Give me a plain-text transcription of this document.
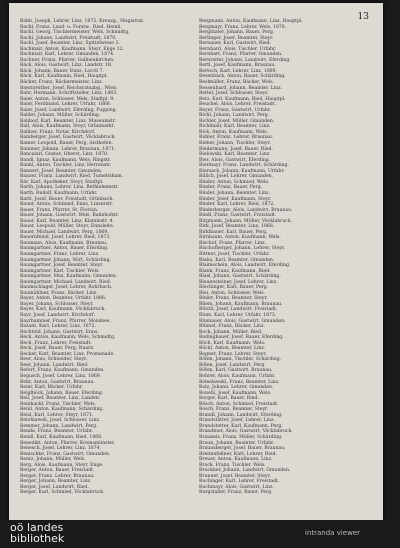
13

Babb, Joseph, Lehrer, Linz, 1872, Kreuzg., Magistrat.

Bachl, Franz, Land- u. Forstw., Ried, Heiml.

Bachl, Georg, Tischlermeister, Wels, Schmidtg.

Bachl, Johann, Landwirt, Freistadt, 1870.

Bachl, Josef, Beamter, Linz, Spittelwiese 3.

Bachmair, Anton, Kaufmann, Steyr, Enge 12.

Bachmair, Karl, Lehrer, Gmunden, 1874.

Bachner, Franz, Pfarrer, Gallneukirchen.

Bäck, Alois, Gastwirt, Linz, Landstr. 18.

Bäck, Johann, Bauer, Enns, Lorch 7.

Bäck, Karl, Kaufmann, Ried, Hauptpl.

Bäcker, Franz, Bäckermeister, Linz.

Baernreither, Josef, Reichsratsabg., Wien.

Bahr, Hermann, Schriftsteller, Linz, 1863.

Baier, Anton, Schlosser, Wels, Stadtpl. 9.

Baier, Ferdinand, Lehrer, Urfahr, 1868.

Baier, Josef, Landwirt, Eferding, Pupping.

Balder, Johann, Müller, Schärding.

Baldauf, Karl, Beamter, Linz, Museumstr.

Ball, Alois, Kaufmann, Steyr, Grünmarkt.

Ballner, Franz, Notar, Kirchdorf.

Bamberger, Josef, Gastwirt, Vöcklabruck.

Bamer, Leopold, Bauer, Perg, Aisthofen.

Bammer, Johann, Lehrer, Braunau, 1871.

Bancalari, Gustav, Oberst, Linz, 1870.

Bandl, Ignaz, Kaufmann, Wels, Ringstr.

Bankl, Anton, Tischler, Linz, Herrenstr.

Bannert, Josef, Beamter, Gmunden.

Banzer, Franz, Landwirt, Ried, Tumeltsham.

Bär, Karl, Apotheker, Steyr, Stadtpl.

Barth, Johann, Lehrer, Linz, Bethlehemstr.

Barth, Rudolf, Kaufmann, Urfahr.

Bartl, Josef, Bauer, Freistadt, Grünbach.

Bauer, Anton, Schmied, Enns, Linzerstr.

Bauer, Franz, Pfarrer, St. Florian.

Bauer, Johann, Gastwirt, Wels, Bahnhofstr.

Bauer, Karl, Beamter, Linz, Klammstr. 4.

Bauer, Leopold, Müller, Steyr, Ennsleite.

Bauer, Michael, Landwirt, Perg, 1869.

Bauernfeind, Josef, Lehrer, Ried, 1873.

Baumann, Alois, Kaufmann, Braunau.

Baumgartner, Anton, Bauer, Eferding.

Baumgartner, Franz, Lehrer, Linz.

Baumgartner, Johann, Wirt, Schärding.

Baumgartner, Josef, Beamter, Steyr.

Baumgartner, Karl, Tischler, Wels.

Baumgartner, Max, Kaufmann, Gmunden.

Baumgartner, Michael, Landwirt, Ried.

Baumschlager, Josef, Lehrer, Rohrbach.

Baumühlner, Franz, Bäcker, Linz.

Bayer, Anton, Beamter, Urfahr, 1866.

Bayer, Johann, Schlosser, Steyr.

Bayer, Karl, Kaufmann, Vöcklabruck.

Bayr, Josef, Landwirt, Kirchdorf.

Bayrhammer, Franz, Pfarrer, Mondsee.

Bazant, Karl, Lehrer, Linz, 1872.

Bechtold, Johann, Gastwirt, Enns.

Beck, Anton, Kaufmann, Wels, Schmidtg.

Beck, Franz, Lehrer, Freistadt.

Beck, Josef, Bauer, Perg, Naarn.

Becker, Karl, Beamter, Linz, Promenade.

Beer, Alois, Schneider, Steyr.

Beer, Johann, Landwirt, Ried.

Befort, Franz, Kaufmann, Gmunden.

Begusch, Josef, Lehrer, Linz, 1869.

Behr, Anton, Gastwirt, Braunau.

Beier, Karl, Bäcker, Urfahr.

Beiglböck, Johann, Bauer, Eferding.

Beil, Josef, Beamter, Linz, Landstr.

Beinhackl, Franz, Tischler, Wels.

Beinl, Anton, Kaufmann, Schärding.

Beisl, Karl, Lehrer, Steyr, 1871.

Belohlawek, Josef, Schlosser, Linz.

Bemmer, Johann, Landwirt, Perg.

Benda, Franz, Beamter, Urfahr.

Bendl, Karl, Kaufmann, Ried, 1868.

Benedikt, Anton, Pfarrer, Kremsmünster.

Benesch, Josef, Lehrer, Linz, 1874.

Benischke, Franz, Gastwirt, Gmunden.

Bentz, Johann, Müller, Wels.

Berg, Alois, Kaufmann, Steyr, Enge.

Berger, Anton, Bauer, Freistadt.

Berger, Franz, Lehrer, Braunau.

Berger, Johann, Beamter, Linz.

Berger, Josef, Landwirt, Ried.

Berger, Karl, Schmied, Vöcklabruck.

Bergmann, Anton, Kaufmann, Linz, Hauptpl.

Bergmayr, Franz, Lehrer, Wels, 1870.

Bergthaler, Johann, Bauer, Perg.

Berlinger, Josef, Beamter, Steyr.

Bernauer, Karl, Gastwirt, Ried.

Bernhard, Alois, Tischler, Urfahr.

Bernhart, Franz, Pfarrer, Gmunden.

Bernreiter, Johann, Landwirt, Eferding.

Bertl, Josef, Kaufmann, Braunau.

Bertsch, Karl, Lehrer, Linz, 1869.

Besenbäck, Anton, Bauer, Schärding.

Beslmüller, Franz, Bäcker, Wels.

Bessenhard, Johann, Beamter, Linz.

Bettel, Josef, Schlosser, Steyr.

Betz, Karl, Kaufmann, Ried, Hauptpl.

Beuchel, Alois, Lehrer, Freistadt.

Beyer, Franz, Gastwirt, Urfahr.

Bichl, Johann, Landwirt, Perg.

Bichler, Josef, Müller, Gmunden.

Bichlmair, Karl, Beamter, Linz.

Bick, Anton, Kaufmann, Wels.

Bidner, Franz, Lehrer, Braunau.

Bieber, Johann, Tischler, Steyr.

Biedermann, Josef, Bauer, Ried.

Bielowski, Karl, Beamter, Linz.

Bier, Alois, Gastwirt, Eferding.

Biermayr, Franz, Landwirt, Schärding.

Biersack, Johann, Kaufmann, Urfahr.

Billich, Josef, Lehrer, Gmunden.

Binder, Anton, Schmied, Wels.

Binder, Franz, Bauer, Perg.

Binder, Johann, Beamter, Linz.

Binder, Josef, Kaufmann, Steyr.

Binder, Karl, Lehrer, Ried, 1872.

Binderberger, Alois, Landwirt, Braunau.

Bindl, Franz, Gastwirt, Freistadt.

Birgmann, Johann, Müller, Vöcklabruck.

Birk, Josef, Beamter, Linz, 1868.

Birklbauer, Karl, Bauer, Perg.

Birnbaum, Anton, Kaufmann, Wels.

Bischof, Franz, Pfarrer, Linz.

Bischofberger, Johann, Lehrer, Steyr.

Bittner, Josef, Tischler, Urfahr.

Blaha, Karl, Beamter, Gmunden.

Blaimschein, Alois, Landwirt, Eferding.

Blank, Franz, Kaufmann, Ried.

Blasl, Johann, Gastwirt, Schärding.

Blauensteiner, Josef, Lehrer, Linz.

Blechinger, Karl, Bauer, Perg.

Blei, Anton, Schlosser, Wels.

Bleier, Franz, Beamter, Steyr.

Bliem, Johann, Kaufmann, Braunau.

Blöchl, Josef, Landwirt, Freistadt.

Blum, Karl, Lehrer, Urfahr, 1873.

Blumauer, Alois, Gastwirt, Gmunden.

Blümel, Franz, Bäcker, Linz.

Bock, Johann, Müller, Ried.

Bodingbauer, Josef, Bauer, Eferding.

Böck, Karl, Kaufmann, Wels.

Böckl, Anton, Beamter, Linz.

Bogner, Franz, Lehrer, Steyr.

Böhm, Johann, Tischler, Schärding.

Böhm, Josef, Landwirt, Perg.

Böhm, Karl, Gastwirt, Braunau.

Bohrer, Alois, Kaufmann, Urfahr.

Boleslawski, Franz, Beamter, Linz.

Bolz, Johann, Lehrer, Gmunden.

Bonelli, Josef, Kaufmann, Wels.

Borger, Karl, Bauer, Ried.

Bösch, Anton, Schmied, Freistadt.

Bosch, Franz, Beamter, Steyr.

Brandl, Johann, Landwirt, Eferding.

Brandstätter, Josef, Lehrer, Linz.

Brandstetter, Karl, Kaufmann, Perg.

Brandtner, Alois, Gastwirt, Vöcklabruck.

Brauneis, Franz, Müller, Schärding.

Braun, Johann, Beamter, Urfahr.

Braunsberger, Josef, Bauer, Braunau.

Breitenfellner, Karl, Lehrer, Ried.

Breuer, Anton, Kaufmann, Linz.

Brock, Franz, Tischler, Wels.

Bruckner, Johann, Landwirt, Gmunden.

Brunner, Josef, Beamter, Steyr.

Buchinger, Karl, Lehrer, Freistadt.

Buchmayr, Alois, Gastwirt, Linz.

Burgstaller, Franz, Bauer, Perg.

oö landes
bibliothek	intranda viewer
